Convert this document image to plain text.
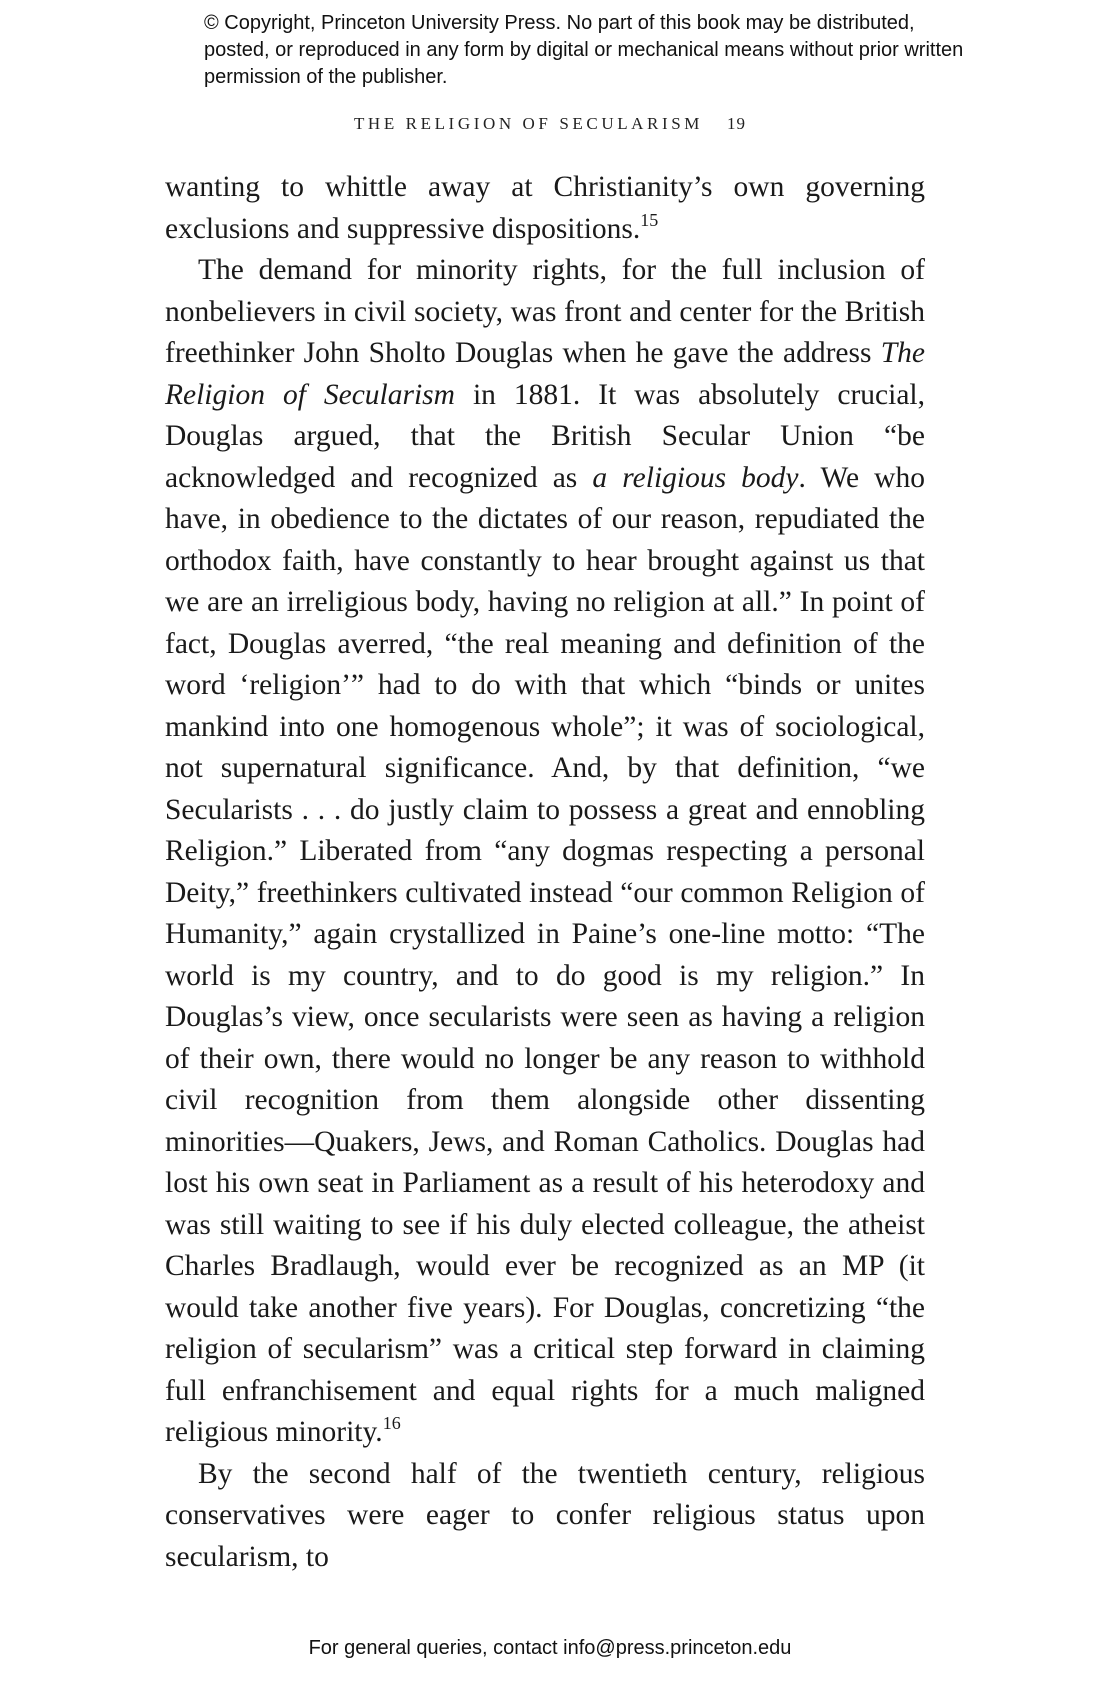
© Copyright, Princeton University Press. No part of this book may be distributed, posted, or reproduced in any form by digital or mechanical means without prior written permission of the publisher.

THE RELIGION OF SECULARISM 19

wanting to whittle away at Christianity’s own governing exclusions and suppressive dispositions.$^{15}$

The demand for minority rights, for the full inclusion of nonbelievers in civil society, was front and center for the British freethinker John Sholto Douglas when he gave the address The Religion of Secularism in 1881. It was absolutely crucial, Douglas argued, that the British Secular Union “be acknowledged and recognized as a religious body. We who have, in obedience to the dictates of our reason, repudiated the orthodox faith, have constantly to hear brought against us that we are an irreligious body, having no religion at all.” In point of fact, Douglas averred, “the real meaning and definition of the word ‘religion’” had to do with that which “binds or unites mankind into one homogenous whole”; it was of sociological, not supernatural significance. And, by that definition, “we Secularists . . . do justly claim to possess a great and ennobling Religion.” Liberated from “any dogmas respecting a personal Deity,” freethinkers cultivated instead “our common Religion of Humanity,” again crystallized in Paine’s one-line motto: “The world is my country, and to do good is my religion.” In Douglas’s view, once secularists were seen as having a religion of their own, there would no longer be any reason to withhold civil recognition from them alongside other dissenting minorities—Quakers, Jews, and Roman Catholics. Douglas had lost his own seat in Parliament as a result of his heterodoxy and was still waiting to see if his duly elected colleague, the atheist Charles Bradlaugh, would ever be recognized as an MP (it would take another five years). For Douglas, concretizing “the religion of secularism” was a critical step forward in claiming full enfranchisement and equal rights for a much maligned religious minority.$^{16}$

By the second half of the twentieth century, religious conservatives were eager to confer religious status upon secularism, to

For general queries, contact info@press.princeton.edu
